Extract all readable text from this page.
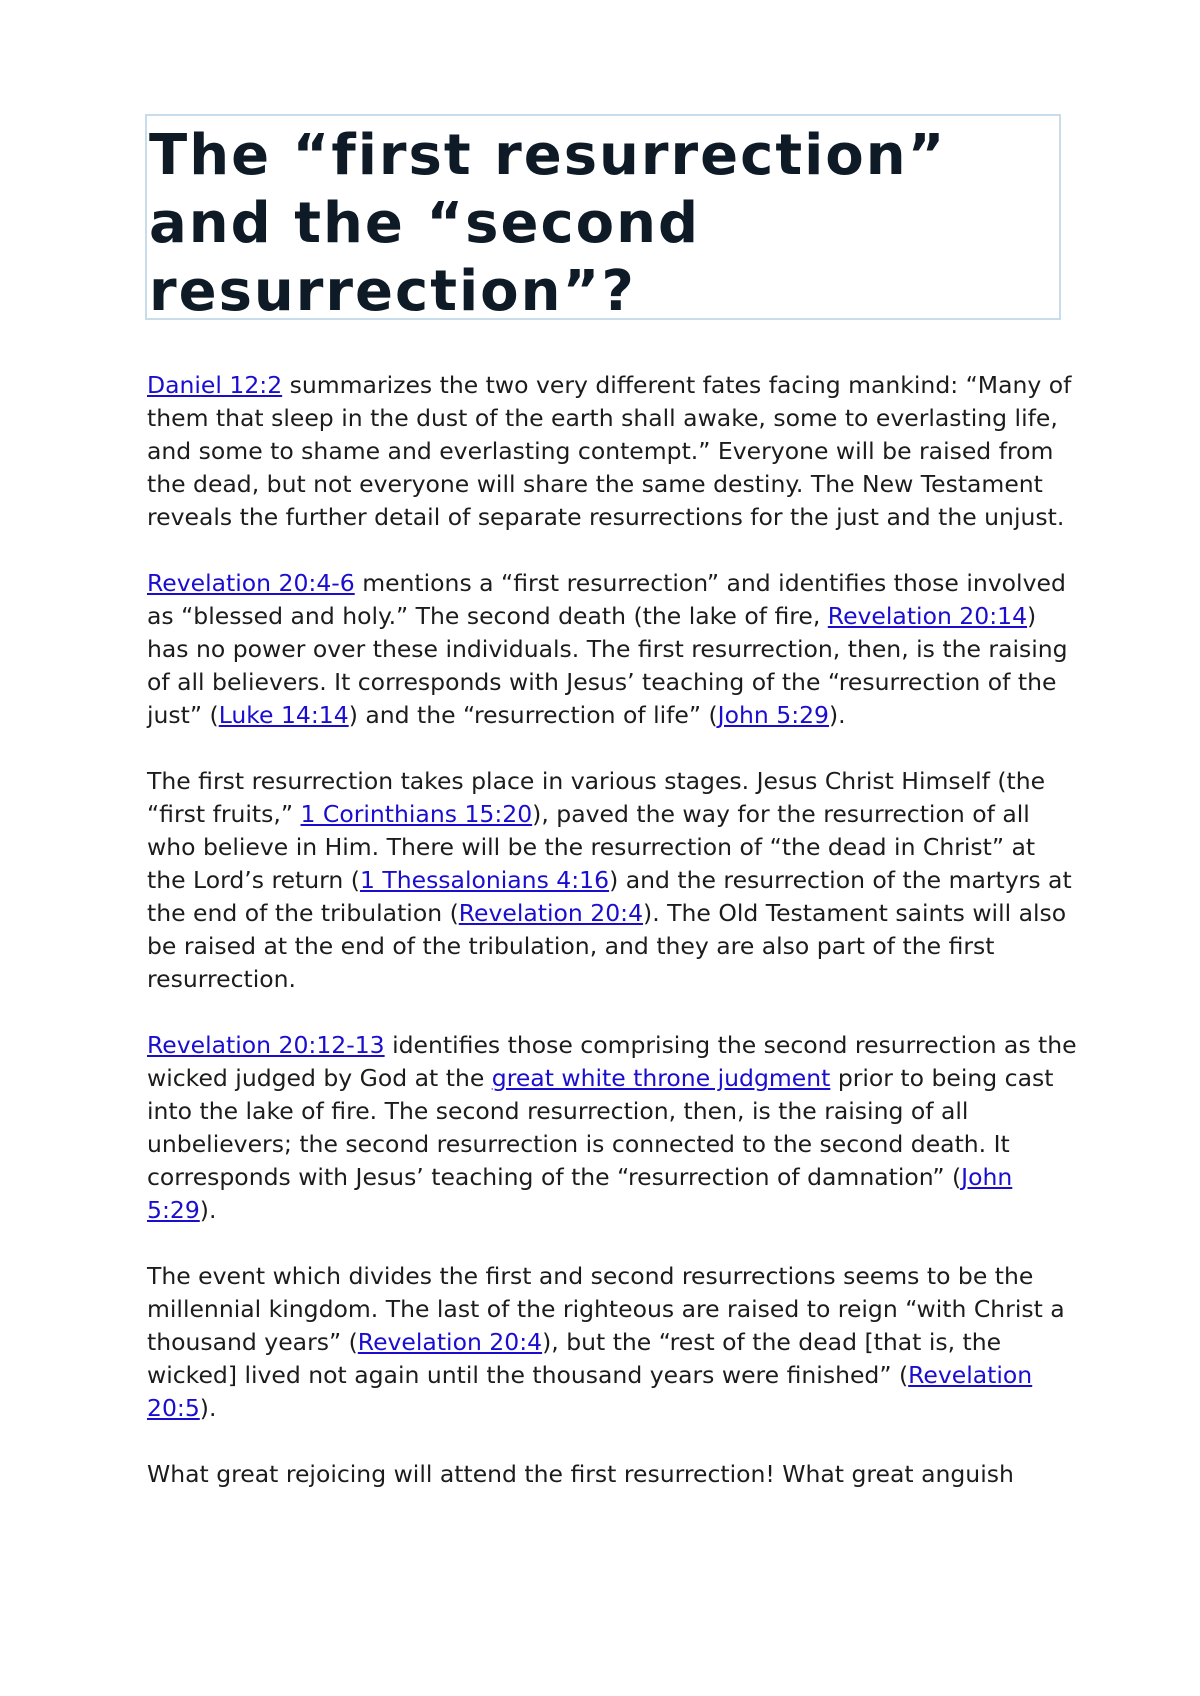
The “first resurrection” and the “second resurrection”?

Daniel 12:2 summarizes the two very different fates facing mankind: “Many of them that sleep in the dust of the earth shall awake, some to everlasting life, and some to shame and everlasting contempt.” Everyone will be raised from the dead, but not everyone will share the same destiny. The New Testament reveals the further detail of separate resurrections for the just and the unjust.

Revelation 20:4-6 mentions a “first resurrection” and identifies those involved as “blessed and holy.” The second death (the lake of fire, Revelation 20:14) has no power over these individuals. The first resurrection, then, is the raising of all believers. It corresponds with Jesus’ teaching of the “resurrection of the just” (Luke 14:14) and the “resurrection of life” (John 5:29).

The first resurrection takes place in various stages. Jesus Christ Himself (the “first fruits,” 1 Corinthians 15:20), paved the way for the resurrection of all who believe in Him. There will be the resurrection of “the dead in Christ” at the Lord’s return (1 Thessalonians 4:16) and the resurrection of the martyrs at the end of the tribulation (Revelation 20:4). The Old Testament saints will also be raised at the end of the tribulation, and they are also part of the first resurrection.

Revelation 20:12-13 identifies those comprising the second resurrection as the wicked judged by God at the great white throne judgment prior to being cast into the lake of fire. The second resurrection, then, is the raising of all unbelievers; the second resurrection is connected to the second death. It corresponds with Jesus’ teaching of the “resurrection of damnation” (John 5:29).

The event which divides the first and second resurrections seems to be the millennial kingdom. The last of the righteous are raised to reign “with Christ a thousand years” (Revelation 20:4), but the “rest of the dead [that is, the wicked] lived not again until the thousand years were finished” (Revelation 20:5).

What great rejoicing will attend the first resurrection! What great anguish
